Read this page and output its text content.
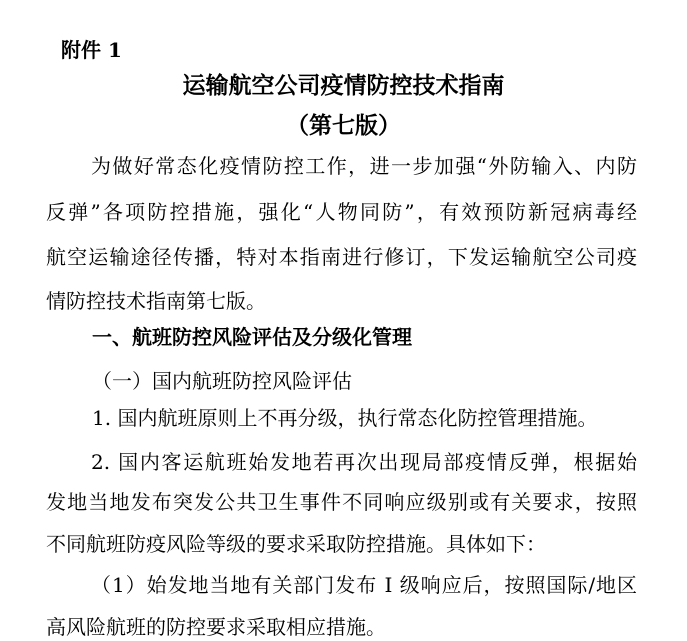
附件 1
运输航空公司疫情防控技术指南
（第七版）
为做好常态化疫情防控工作，进一步加强“外防输入、内防
反弹”各项防控措施，强化“人物同防”，有效预防新冠病毒经
航空运输途径传播，特对本指南进行修订，下发运输航空公司疫
情防控技术指南第七版。
一、航班防控风险评估及分级化管理
（一）国内航班防控风险评估
1. 国内航班原则上不再分级，执行常态化防控管理措施。
2. 国内客运航班始发地若再次出现局部疫情反弹，根据始
发地当地发布突发公共卫生事件不同响应级别或有关要求，按照
不同航班防疫风险等级的要求采取防控措施。具体如下：
（1）始发地当地有关部门发布 I 级响应后，按照国际/地区
高风险航班的防控要求采取相应措施。
